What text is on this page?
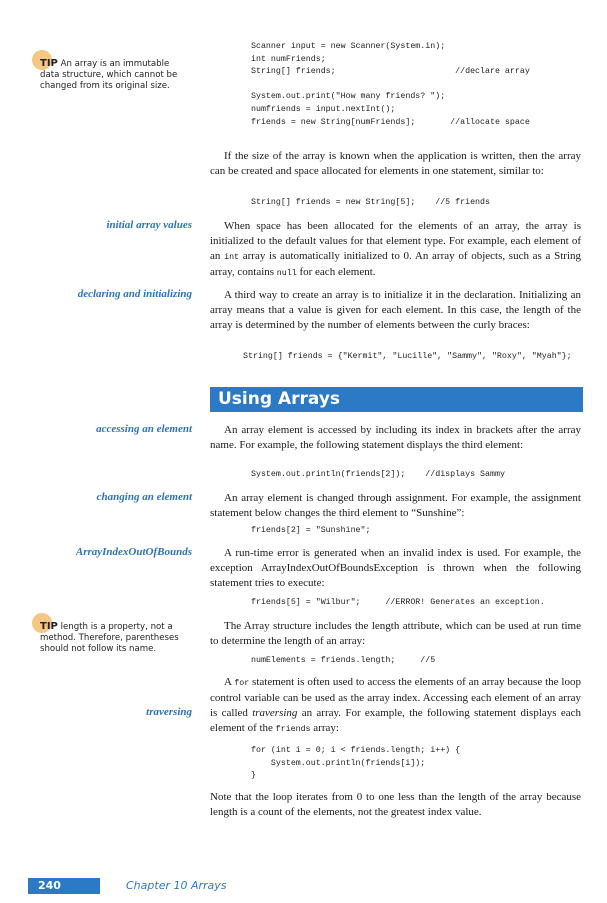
TIP An array is an immutable data structure, which cannot be changed from its original size.
Scanner input = new Scanner(System.in);
int numFriends;
String[] friends;                        //declare array

System.out.print("How many friends? ");
numfriends = input.nextInt();
friends = new String[numFriends];       //allocate space

If the size of the array is known when the application is written, then the array can be created and space allocated for elements in one statement, similar to:

String[] friends = new String[5];    //5 friends
initial array values	When space has been allocated for the elements of an array, the array is initialized to the default values for that element type. For example, each element of an int array is automatically initialized to 0. An array of objects, such as a String array, contains null for each element.

declaring and initializing	A third way to create an array is to initialize it in the declaration. Initializing an array means that a value is given for each element. In this case, the length of the array is determined by the number of elements between the curly braces:

String[] friends = {"Kermit", "Lucille", "Sammy", "Roxy", "Myah"};
Using Arrays
accessing an element	An array element is accessed by including its index in brackets after the array name. For example, the following statement displays the third element:

System.out.println(friends[2]);    //displays Sammy
changing an element	An array element is changed through assignment. For example, the assignment statement below changes the third element to “Sunshine”:

friends[2] = "Sunshine";
ArrayIndexOutOfBounds	A run-time error is generated when an invalid index is used. For example, the exception ArrayIndexOutOfBoundsException is thrown when the following statement tries to execute:

friends[5] = "Wilbur";     //ERROR! Generates an exception.
TIP length is a property, not a method. Therefore, parentheses should not follow its name.

The Array structure includes the length attribute, which can be used at run time to determine the length of an array:

numElements = friends.length;     //5
traversing

A for statement is often used to access the elements of an array because the loop control variable can be used as the array index. Accessing each element of an array is called traversing an array. For example, the following statement displays each element of the friends array:

for (int i = 0; i < friends.length; i++) {
System.out.println(friends[i]);
}

Note that the loop iterates from 0 to one less than the length of the array because length is a count of the elements, not the greatest index value.

240	Chapter 10 Arrays
